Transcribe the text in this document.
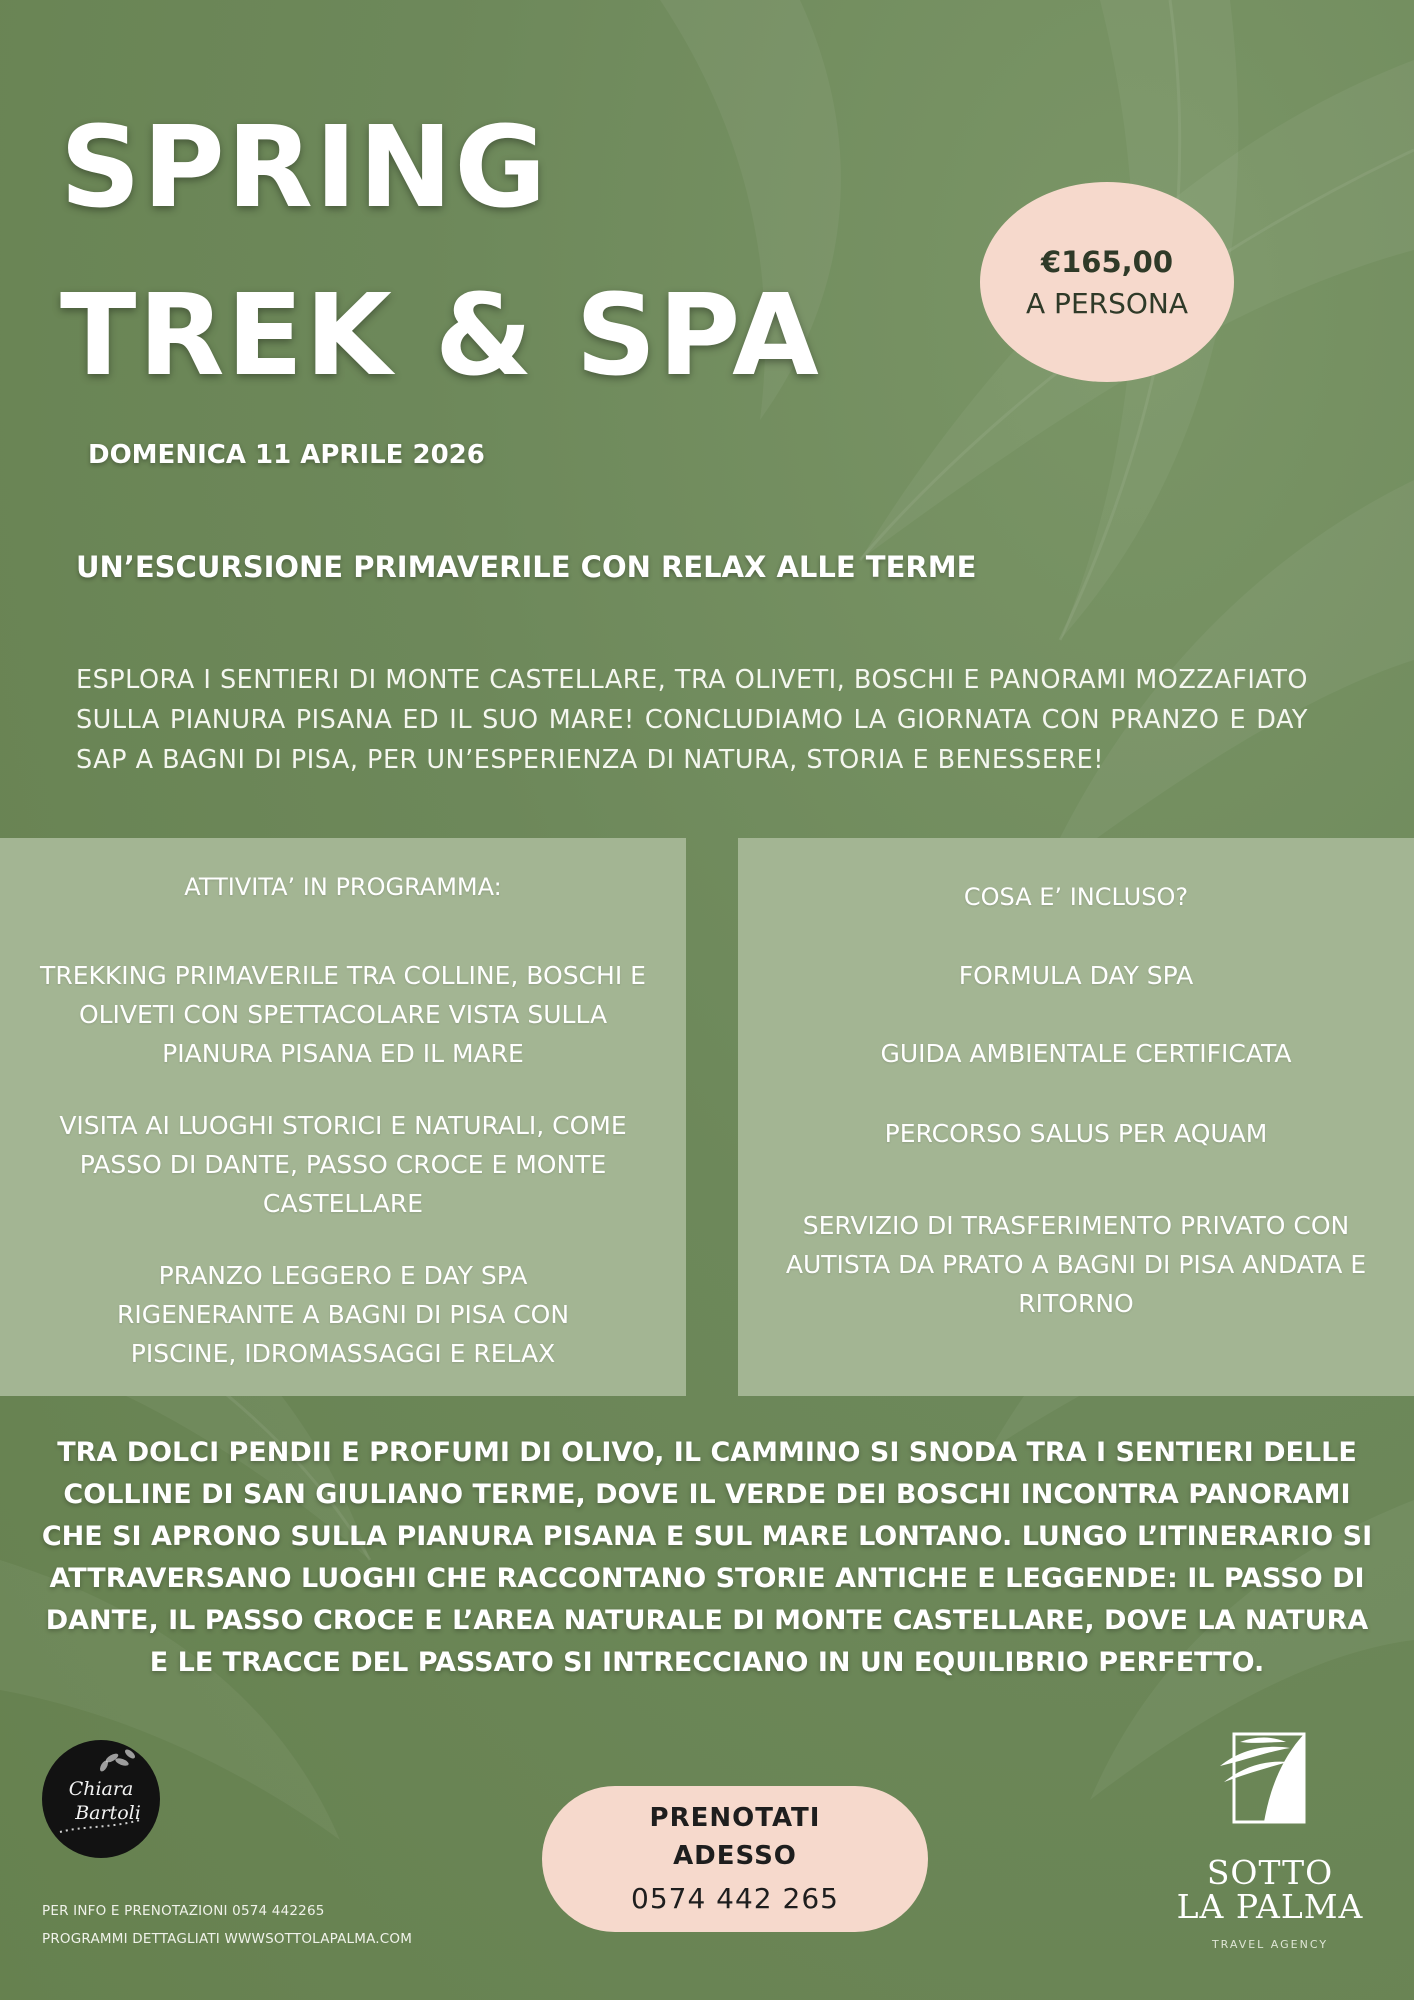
SPRING
TREK & SPA
DOMENICA 11 APRILE 2026
€165,00
A PERSONA
UN’ESCURSIONE PRIMAVERILE CON RELAX ALLE TERME

ESPLORA I SENTIERI DI MONTE CASTELLARE, TRA OLIVETI, BOSCHI E PANORAMI MOZZAFIATO SULLA PIANURA PISANA ED IL SUO MARE! CONCLUDIAMO LA GIORNATA CON PRANZO E DAY SAP A BAGNI DI PISA, PER UN’ESPERIENZA DI NATURA, STORIA E BENESSERE!

ATTIVITA’ IN PROGRAMMA:

TREKKING PRIMAVERILE TRA COLLINE, BOSCHI E OLIVETI CON SPETTACOLARE VISTA SULLA PIANURA PISANA ED IL MARE

VISITA AI LUOGHI STORICI E NATURALI, COME PASSO DI DANTE, PASSO CROCE E MONTE CASTELLARE

PRANZO LEGGERO E DAY SPA RIGENERANTE A BAGNI DI PISA CON PISCINE, IDROMASSAGGI E RELAX

COSA E’ INCLUSO?

FORMULA DAY SPA

GUIDA AMBIENTALE CERTIFICATA

PERCORSO SALUS PER AQUAM

SERVIZIO DI TRASFERIMENTO PRIVATO CON AUTISTA DA PRATO A BAGNI DI PISA ANDATA E RITORNO

TRA DOLCI PENDII E PROFUMI DI OLIVO, IL CAMMINO SI SNODA TRA I SENTIERI DELLE COLLINE DI SAN GIULIANO TERME, DOVE IL VERDE DEI BOSCHI INCONTRA PANORAMI CHE SI APRONO SULLA PIANURA PISANA E SUL MARE LONTANO. LUNGO L’ITINERARIO SI ATTRAVERSANO LUOGHI CHE RACCONTANO STORIE ANTICHE E LEGGENDE: IL PASSO DI DANTE, IL PASSO CROCE E L’AREA NATURALE DI MONTE CASTELLARE, DOVE LA NATURA E LE TRACCE DEL PASSATO SI INTRECCIANO IN UN EQUILIBRIO PERFETTO.

Chiara
Bartoli	PRENOTATI
ADESSO
0574 442 265
PER INFO E PRENOTAZIONI 0574 442265
PROGRAMMI DETTAGLIATI WWWSOTTOLAPALMA.COM
SOTTO
LA PALMA
TRAVEL AGENCY
